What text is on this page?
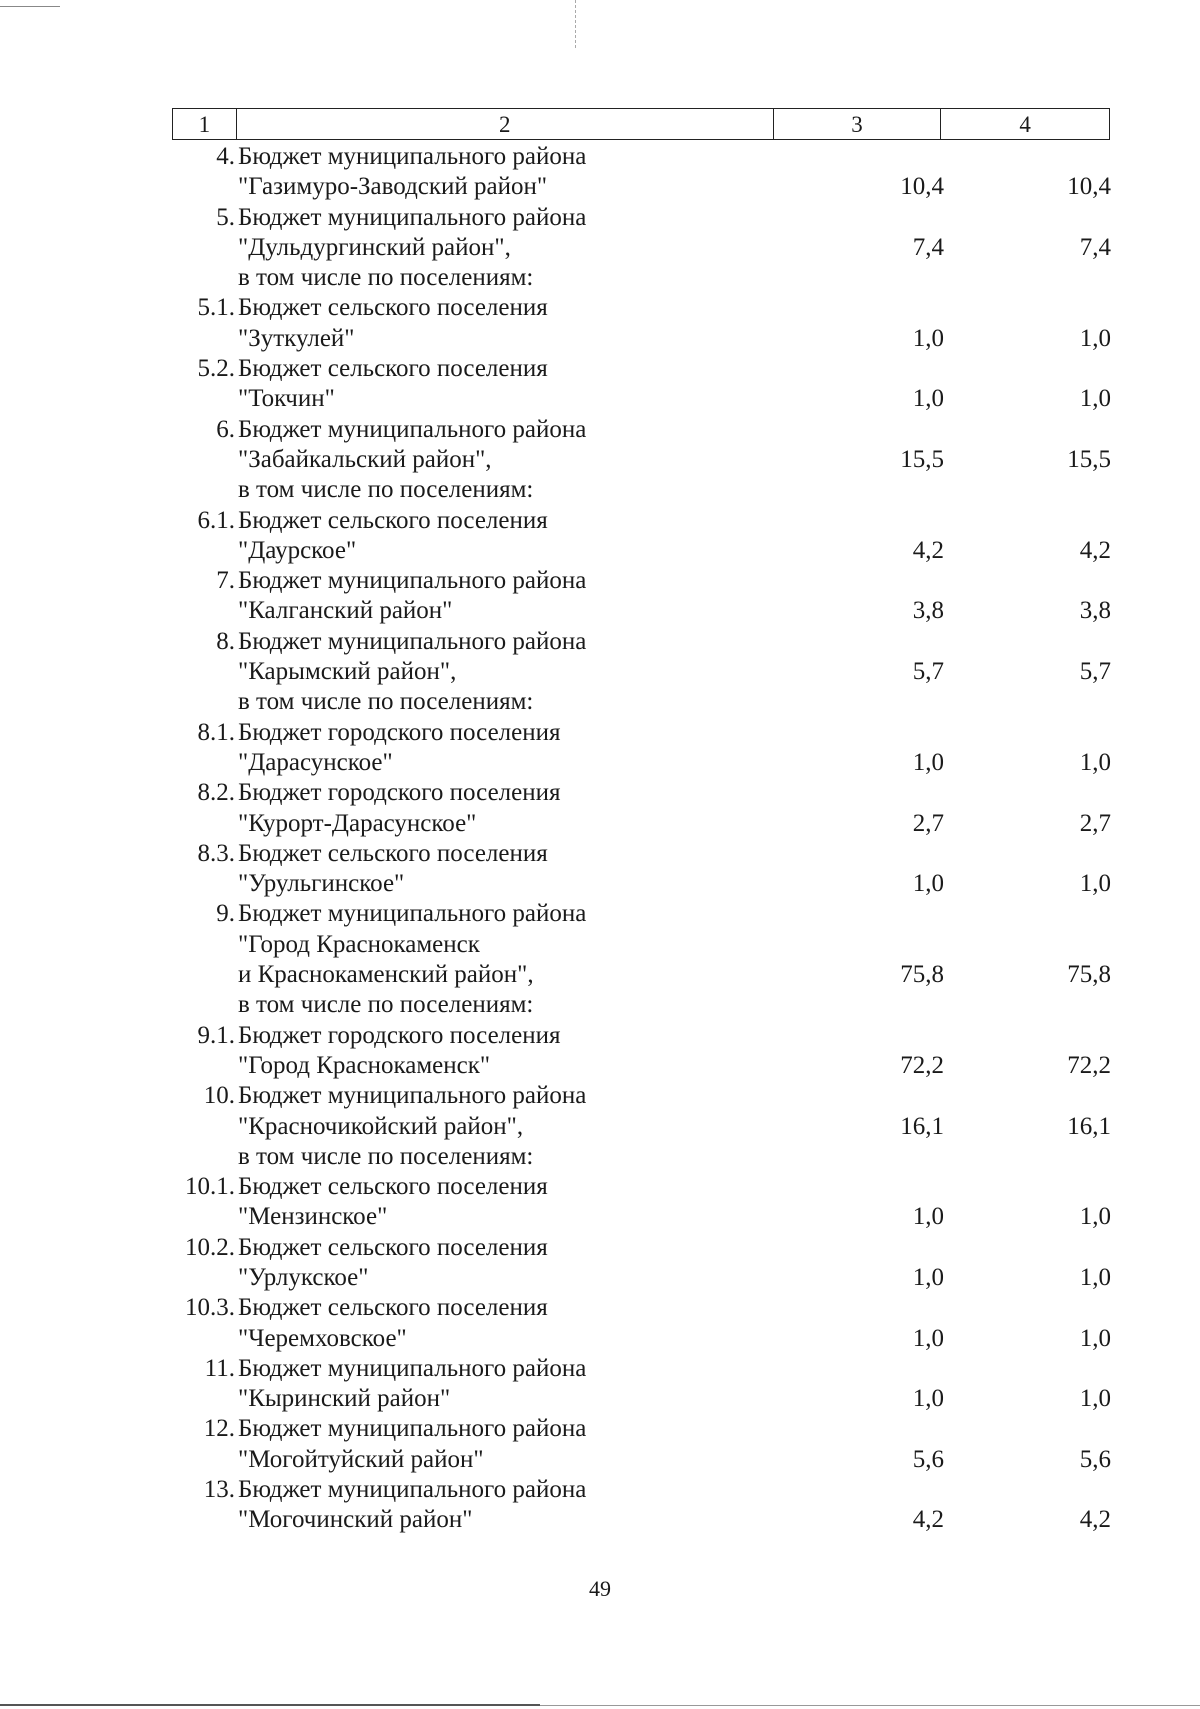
1	2	3	4
4. Бюджет муниципального района
"Газимуро-Заводский район"	10,4	10,4
5. Бюджет муниципального района
"Дульдургинский район",	7,4	7,4
в том числе по поселениям:
5.1. Бюджет сельского поселения
"Зуткулей"	1,0	1,0
5.2. Бюджет сельского поселения
"Токчин"	1,0	1,0
6. Бюджет муниципального района
"Забайкальский район",	15,5	15,5
в том числе по поселениям:
6.1. Бюджет сельского поселения
"Даурское"	4,2	4,2
7. Бюджет муниципального района
"Калганский район"	3,8	3,8
8. Бюджет муниципального района
"Карымский район",	5,7	5,7
в том числе по поселениям:
8.1. Бюджет городского поселения
"Дарасунское"	1,0	1,0
8.2. Бюджет городского поселения
"Курорт-Дарасунское"	2,7	2,7
8.3. Бюджет сельского поселения
"Урульгинское"	1,0	1,0
9. Бюджет муниципального района
"Город Краснокаменск
и Краснокаменский район",	75,8	75,8
в том числе по поселениям:
9.1. Бюджет городского поселения
"Город Краснокаменск"	72,2	72,2
10. Бюджет муниципального района
"Красночикойский район",	16,1	16,1
в том числе по поселениям:
10.1. Бюджет сельского поселения
"Мензинское"	1,0	1,0
10.2. Бюджет сельского поселения
"Урлукское"	1,0	1,0
10.3. Бюджет сельского поселения
"Черемховское"	1,0	1,0
11. Бюджет муниципального района
"Кыринский район"	1,0	1,0
12. Бюджет муниципального района
"Могойтуйский район"	5,6	5,6
13. Бюджет муниципального района
"Могочинский район"	4,2	4,2
49
